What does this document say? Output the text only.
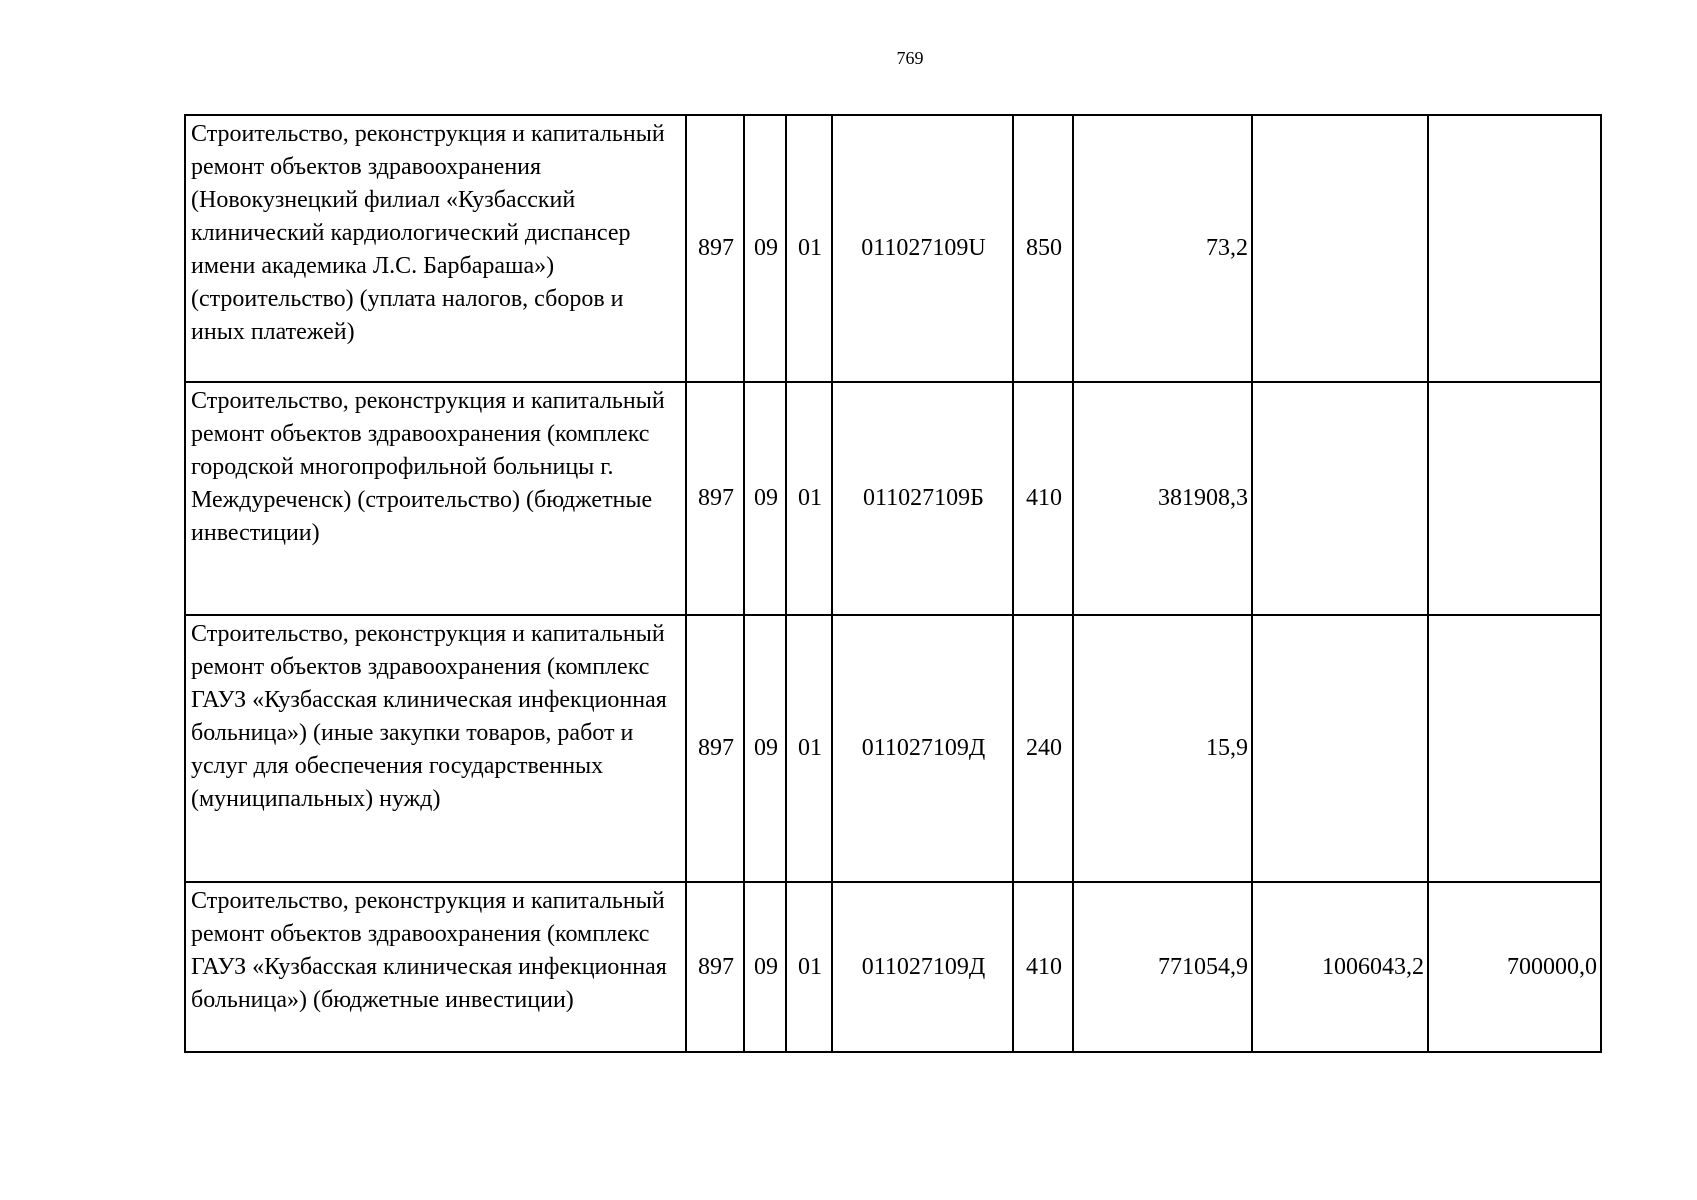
769
Строительство, реконструкция и капитальный ремонт объектов здравоохранения (Новокузнецкий филиал «Кузбасский клинический кардиологический диспансер имени академика Л.С. Барбараша») (строительство) (уплата налогов, сборов и иных платежей)	897	09	01	011027109U	850	73,2		
Строительство, реконструкция и капитальный ремонт объектов здравоохранения (комплекс городской многопрофильной больницы г. Междуреченск) (строительство) (бюджетные инвестиции)	897	09	01	011027109Б	410	381908,3		
Строительство, реконструкция и капитальный ремонт объектов здравоохранения (комплекс ГАУЗ «Кузбасская клиническая инфекционная больница») (иные закупки товаров, работ и услуг для обеспечения государственных (муниципальных) нужд)	897	09	01	011027109Д	240	15,9		
Строительство, реконструкция и капитальный ремонт объектов здравоохранения (комплекс ГАУЗ «Кузбасская клиническая инфекционная больница») (бюджетные инвестиции)	897	09	01	011027109Д	410	771054,9	1006043,2	700000,0
